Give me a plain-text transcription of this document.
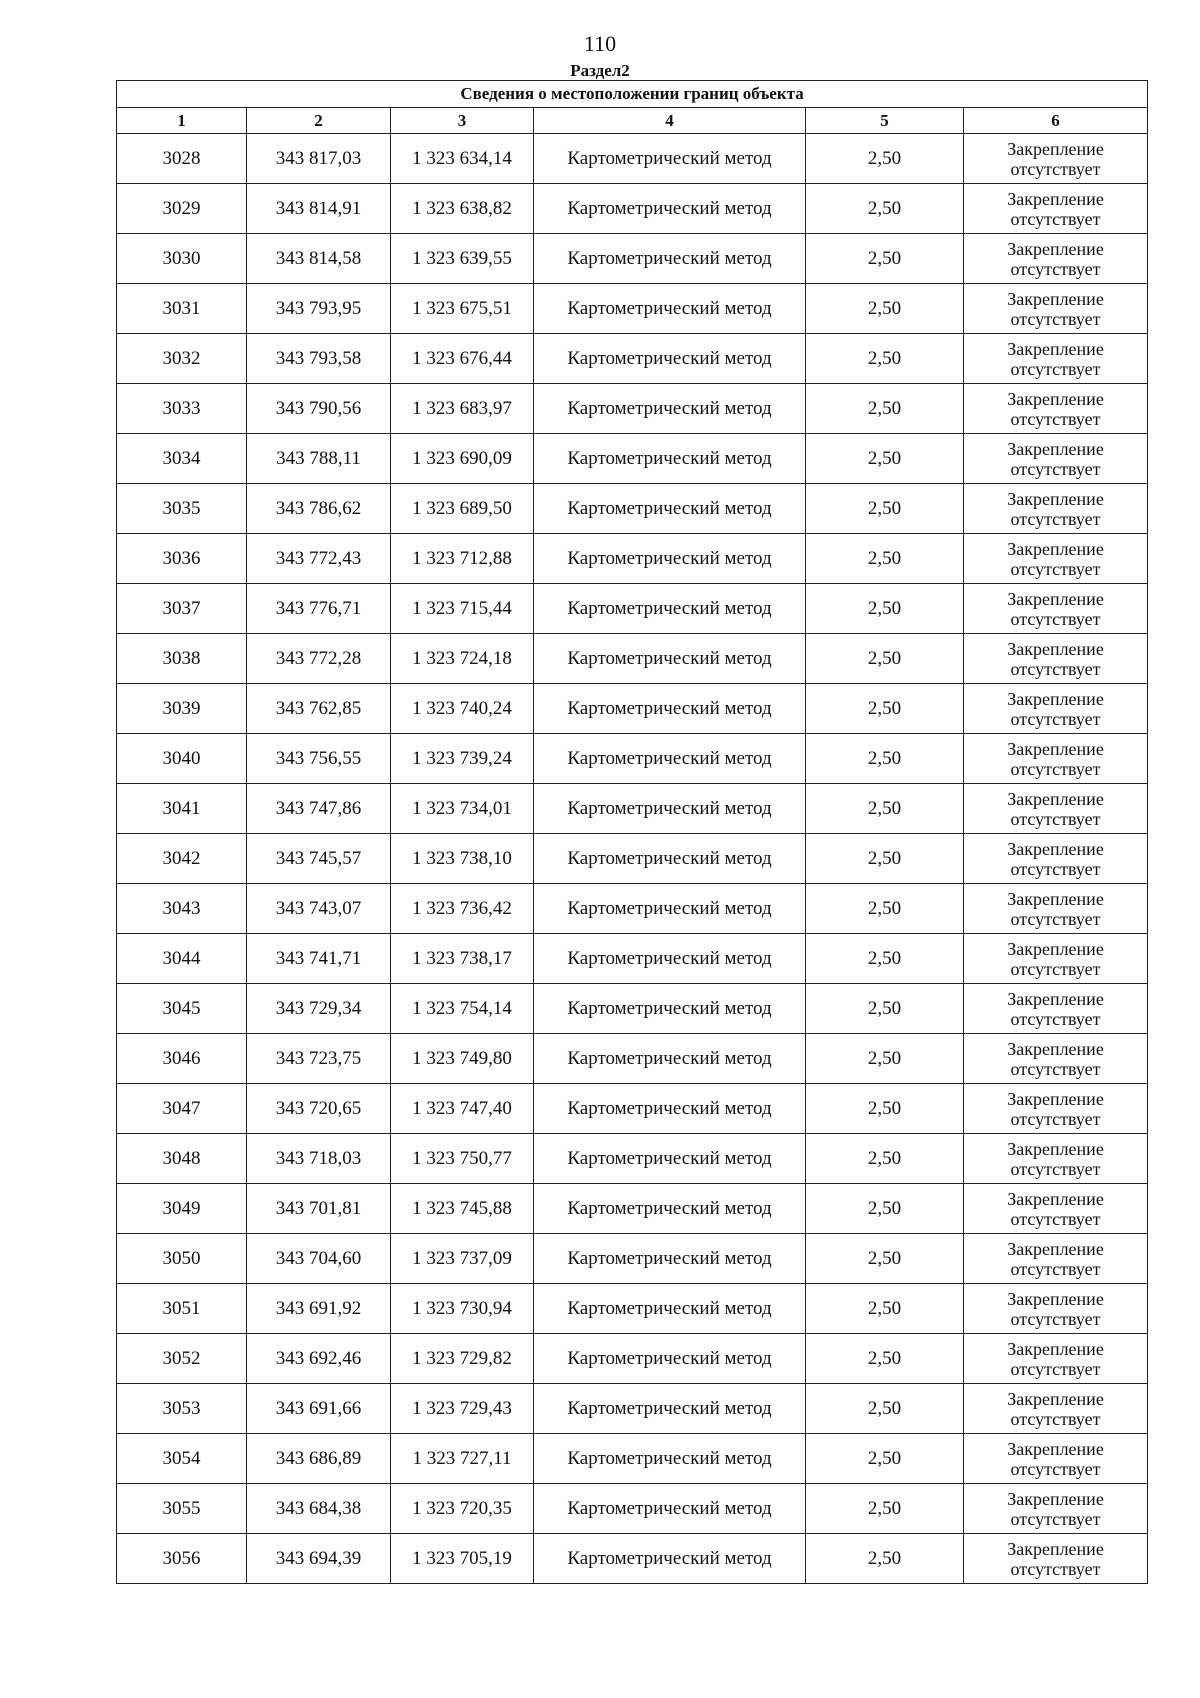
110
Раздел2
Сведения о местоположении границ объекта					
1	2	3	4	5	6
3028	343 817,03	1 323 634,14	Картометрический метод	2,50	Закрепление
отсутствует

3029	343 814,91	1 323 638,82	Картометрический метод	2,50	Закрепление
отсутствует

3030	343 814,58	1 323 639,55	Картометрический метод	2,50	Закрепление
отсутствует

3031	343 793,95	1 323 675,51	Картометрический метод	2,50	Закрепление
отсутствует

3032	343 793,58	1 323 676,44	Картометрический метод	2,50	Закрепление
отсутствует

3033	343 790,56	1 323 683,97	Картометрический метод	2,50	Закрепление
отсутствует

3034	343 788,11	1 323 690,09	Картометрический метод	2,50	Закрепление
отсутствует

3035	343 786,62	1 323 689,50	Картометрический метод	2,50	Закрепление
отсутствует

3036	343 772,43	1 323 712,88	Картометрический метод	2,50	Закрепление
отсутствует

3037	343 776,71	1 323 715,44	Картометрический метод	2,50	Закрепление
отсутствует

3038	343 772,28	1 323 724,18	Картометрический метод	2,50	Закрепление
отсутствует

3039	343 762,85	1 323 740,24	Картометрический метод	2,50	Закрепление
отсутствует

3040	343 756,55	1 323 739,24	Картометрический метод	2,50	Закрепление
отсутствует

3041	343 747,86	1 323 734,01	Картометрический метод	2,50	Закрепление
отсутствует

3042	343 745,57	1 323 738,10	Картометрический метод	2,50	Закрепление
отсутствует

3043	343 743,07	1 323 736,42	Картометрический метод	2,50	Закрепление
отсутствует

3044	343 741,71	1 323 738,17	Картометрический метод	2,50	Закрепление
отсутствует

3045	343 729,34	1 323 754,14	Картометрический метод	2,50	Закрепление
отсутствует

3046	343 723,75	1 323 749,80	Картометрический метод	2,50	Закрепление
отсутствует

3047	343 720,65	1 323 747,40	Картометрический метод	2,50	Закрепление
отсутствует

3048	343 718,03	1 323 750,77	Картометрический метод	2,50	Закрепление
отсутствует

3049	343 701,81	1 323 745,88	Картометрический метод	2,50	Закрепление
отсутствует

3050	343 704,60	1 323 737,09	Картометрический метод	2,50	Закрепление
отсутствует

3051	343 691,92	1 323 730,94	Картометрический метод	2,50	Закрепление
отсутствует

3052	343 692,46	1 323 729,82	Картометрический метод	2,50	Закрепление
отсутствует

3053	343 691,66	1 323 729,43	Картометрический метод	2,50	Закрепление
отсутствует

3054	343 686,89	1 323 727,11	Картометрический метод	2,50	Закрепление
отсутствует

3055	343 684,38	1 323 720,35	Картометрический метод	2,50	Закрепление
отсутствует

3056	343 694,39	1 323 705,19	Картометрический метод	2,50	Закрепление
отсутствует
